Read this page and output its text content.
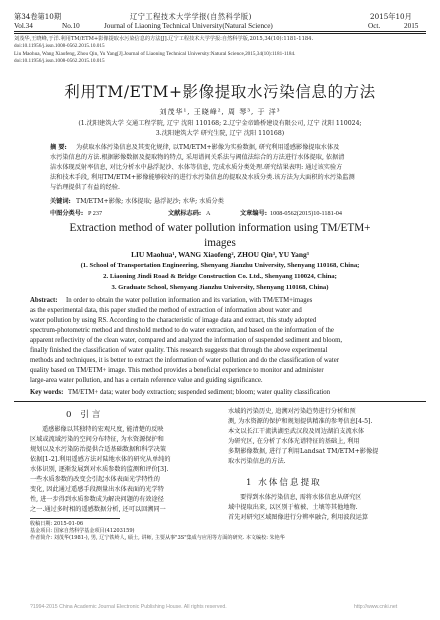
第34卷第10期	辽宁工程技术大学学报(自然科学版)	2015年10月
Vol.34	No.10	Journal of Liaoning Technical University(Natural Science)	Oct.	2015
刘茂华,王晓峰,于洋.利用TM/ETM+影像提取水污染信息的方法[J].辽宁工程技术大学学报:自然科学版,2015,34(10):1181-1184.
doi:10.11956/j.issn.1008-0562.2015.10.015
Liu Maohua, Wang Xiaofeng, Zhou Qin, Yu Yang[J].Journal of Liaoning Technical University:Natural Science,2015,34(10):1181-1184.
doi:10.11956/j.issn.1008-0562.2015.10.015
利用TM/ETM+影像提取水污染信息的方法
刘茂华¹, 王晓峰², 周 琴³, 于 洋³
(1.沈阳建筑大学 交通工程学院, 辽宁 沈阳 110168; 2.辽宁金帝路桥建设有限公司, 辽宁 沈阳 110024;
3.沈阳建筑大学 研究生院, 辽宁 沈阳 110168)
摘 要: 为获取水体污染信息及其变化规律, 以TM/ETM+影像为实验数据, 研究利用遥感影像提取水体及
水污染信息的方法.根据影像数据及提取物的特点, 采用谱间关系法与阈值法综合的方法进行水体提取, 依据清
洁水体现反射率信息, 对比分析水中悬浮泥沙、水体等信息, 完成水质分类处理.研究结果表明: 通过该实验方
法和技术手段, 利用TM/ETM+影像能够较好的进行水污染信息的提取及水质分类.该方法为大面积的水污染监测
与治理提供了有益的经验.
关键词: TM/ETM+影像; 水体提取; 悬浮泥沙; 水华; 水质分类
中图分类号: P 237	文献标志码: A	文章编号: 1008-0562(2015)10-1181-04
Extraction method of water pollution information using TM/ETM+
images
LIU Maohua¹, WANG Xiaofeng², ZHOU Qin³, YU Yang³
(1. School of Transportation Engineering, Shenyang Jianzhu University, Shenyang 110168, China;
2. Liaoning Jindi Road & Bridge Construction Co. Ltd., Shenyang 110024, China;
3. Graduate School, Shenyang Jianzhu University, Shenyang 110168, China)
Abstract: In order to obtain the water pollution information and its variation, with TM/ETM+images
as the experimental data, this paper studied the method of extraction of information about water and
water pollution by using RS. According to the characteristic of image data and extract, this study adopted
spectrum-photometric method and threshold method to do water extraction, and based on the information of the
apparent reflectivity of the clean water, compared and analyzed the information of suspended sediment and bloom,
finally finished the classification of water quality. This research suggests that through the above experimental
methods and techniques, it is better to extract the information of water pollution and do the classification of water
quality based on TM/ETM+ image. This method provides a beneficial experience to monitor and administer
large-area water pollution, and has a certain reference value and guiding significance.
Key words: TM/ETM+ data; water body extraction; suspended sediment; bloom; water quality classification
0 引言
遥感影像以其独特的宏观尺度, 能清楚的反映
区域或流域污染的空间分布特征, 为水资源保护和
规划以及水污染防治提供合适基础数据和科学决策
依据[1-2].利用遥感方法对陆地水体的研究从单纯的
水体识别, 逐渐发展到对水质参数的监测和评价[3].
一些水质参数的改变会引起水体表面光学特性的
变化, 因此通过遥感手段测量出水体表面的光学特
性, 进一步得到水质参数成为解决问题的有效途径
之一.通过多时相的遥感数据分析, 还可以回溯同一
水域的污染历史, 追溯对污染趋势进行分析和预
测, 为水资源的保护和规划提供精准的参考信息[4-5].
本文以长江干流洪湖至武汉段及周边湖泊支流水体
为研究区, 在分析了水体光谱特征的基础上, 利用
多期影像数据, 进行了利用Landsat TM/ETM+影像提
取水污染信息的方法.
1 水体信息提取
要得到水体污染信息, 需将水体信息从研究区
域中提取出来, 以区别于植被、土壤等其他地物.
首先对研究区域图像进行分辨率融合, 利用波段运算
收稿日期: 2015-01-06
基金项目: 国家自然科学基金项目(41203159)
作者简介: 刘茂华(1981-), 男, 辽宁铁岭人, 硕士, 讲师, 主要从事"3S"集成与应用等方面的研究. 本文编校: 朱艳华
?1994-2015 China Academic Journal Electronic Publishing House. All rights reserved.	http://www.cnki.net
